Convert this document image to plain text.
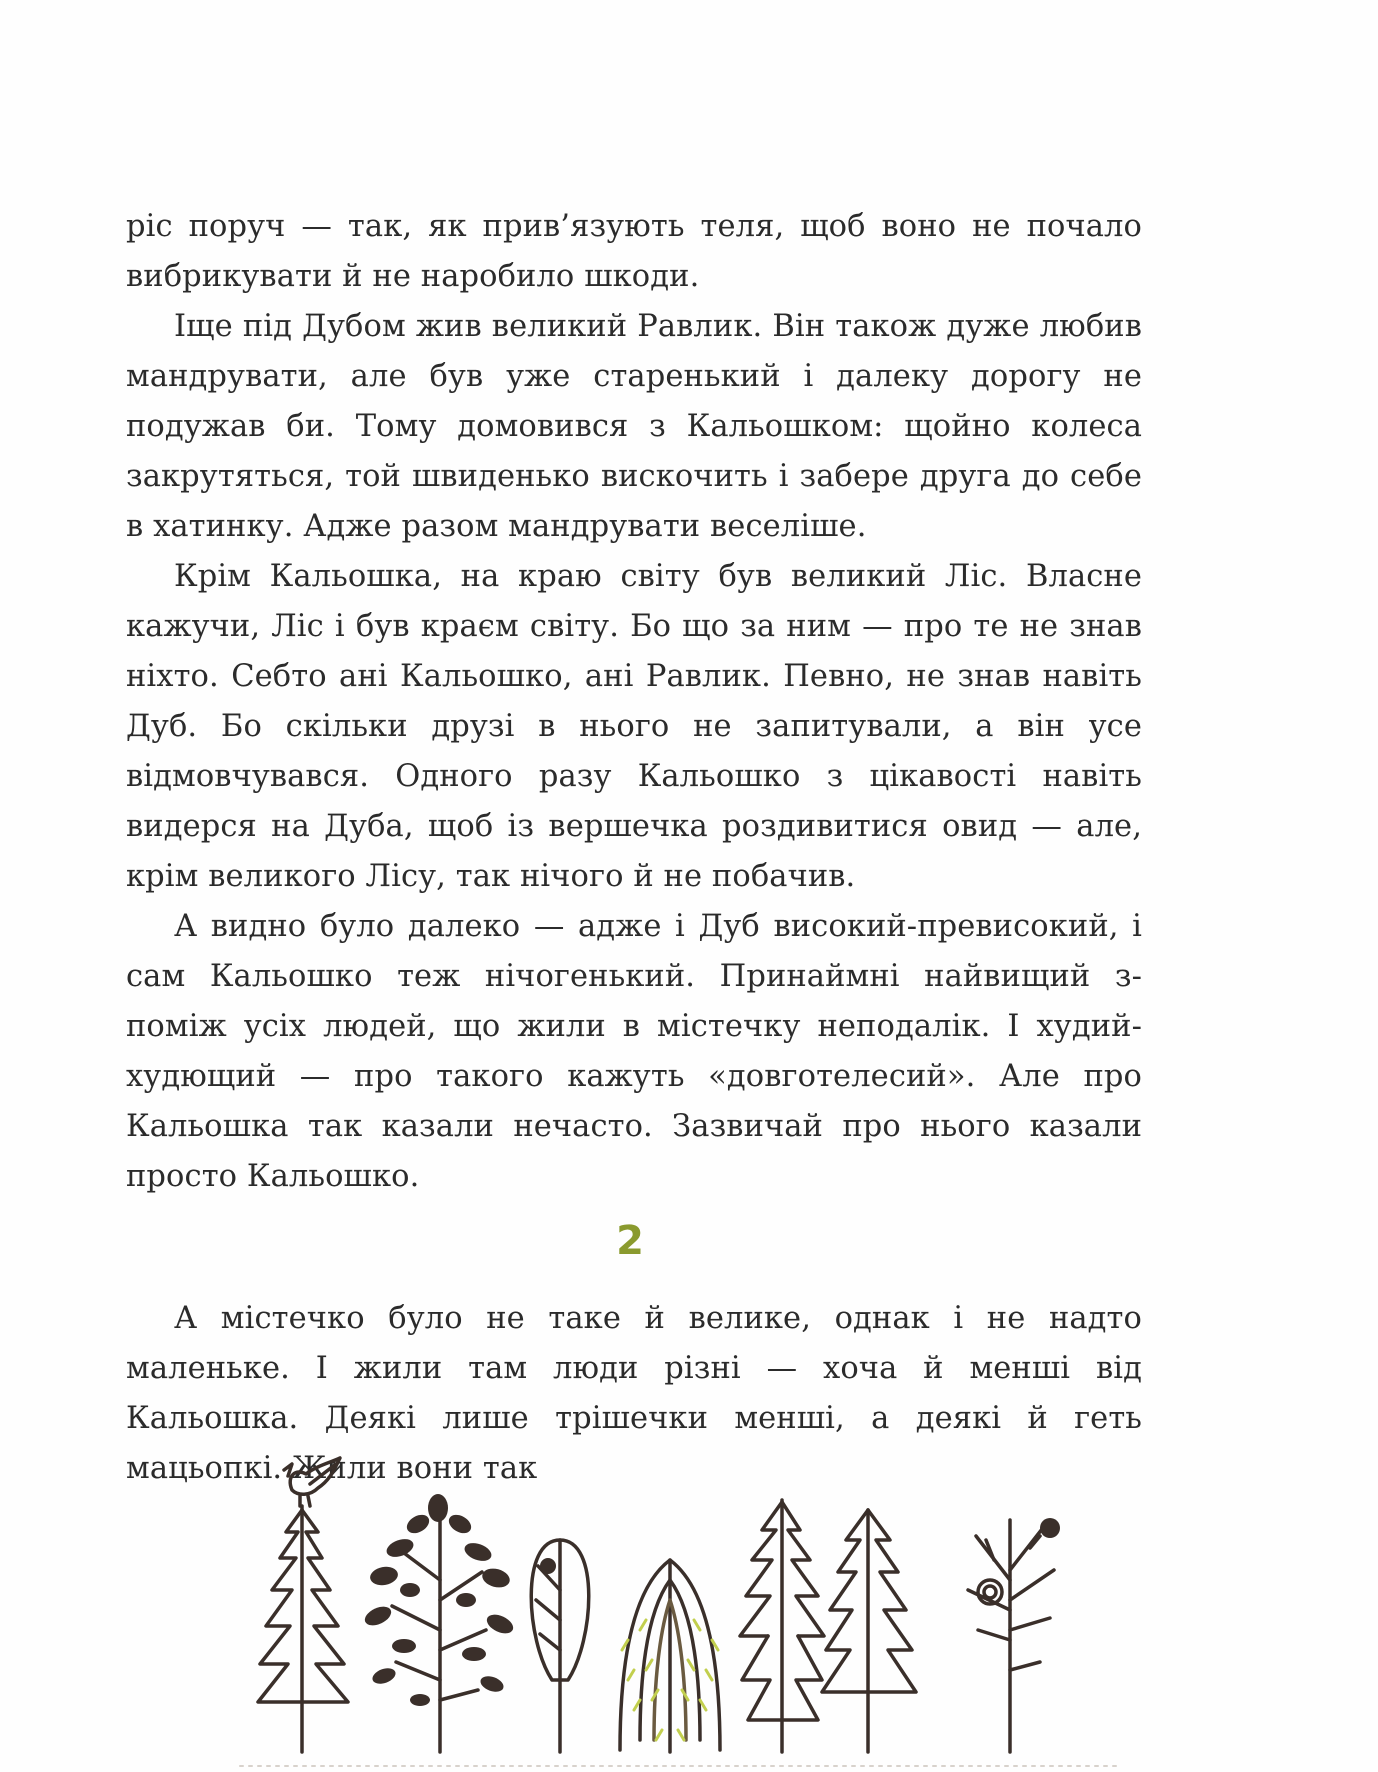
ріс поруч — так, як прив’язують теля, щоб воно не почало вибрикувати й не наробило шкоди.

Іще під Дубом жив великий Равлик. Він також дуже любив мандрувати, але був уже старенький і далеку дорогу не подужав би. Тому домовився з Кальошком: щойно колеса закрутяться, той швиденько вискочить і забере друга до себе в хатинку. Адже разом мандрувати веселіше.

Крім Кальошка, на краю світу був великий Ліс. Власне кажучи, Ліс і був краєм світу. Бо що за ним — про те не знав ніхто. Себто ані Кальошко, ані Равлик. Певно, не знав навіть Дуб. Бо скільки друзі в нього не запитували, а він усе відмовчувався. Одного разу Кальошко з цікавості навіть видерся на Дуба, щоб із вершечка роздивитися овид — але, крім великого Лісу, так нічого й не побачив.

А видно було далеко — адже і Дуб високий-превисокий, і сам Кальошко теж нічогенький. Принаймні найвищий з-поміж усіх людей, що жили в містечку неподалік. І худий-худющий — про такого кажуть «довготелесий». Але про Кальошка так казали нечасто. Зазвичай про нього казали просто Кальошко.

2

А містечко було не таке й велике, однак і не надто маленьке. І жили там люди різні — хоча й менші від Кальошка. Деякі лише трішечки менші, а деякі й геть мацьопкі. Жили вони так
